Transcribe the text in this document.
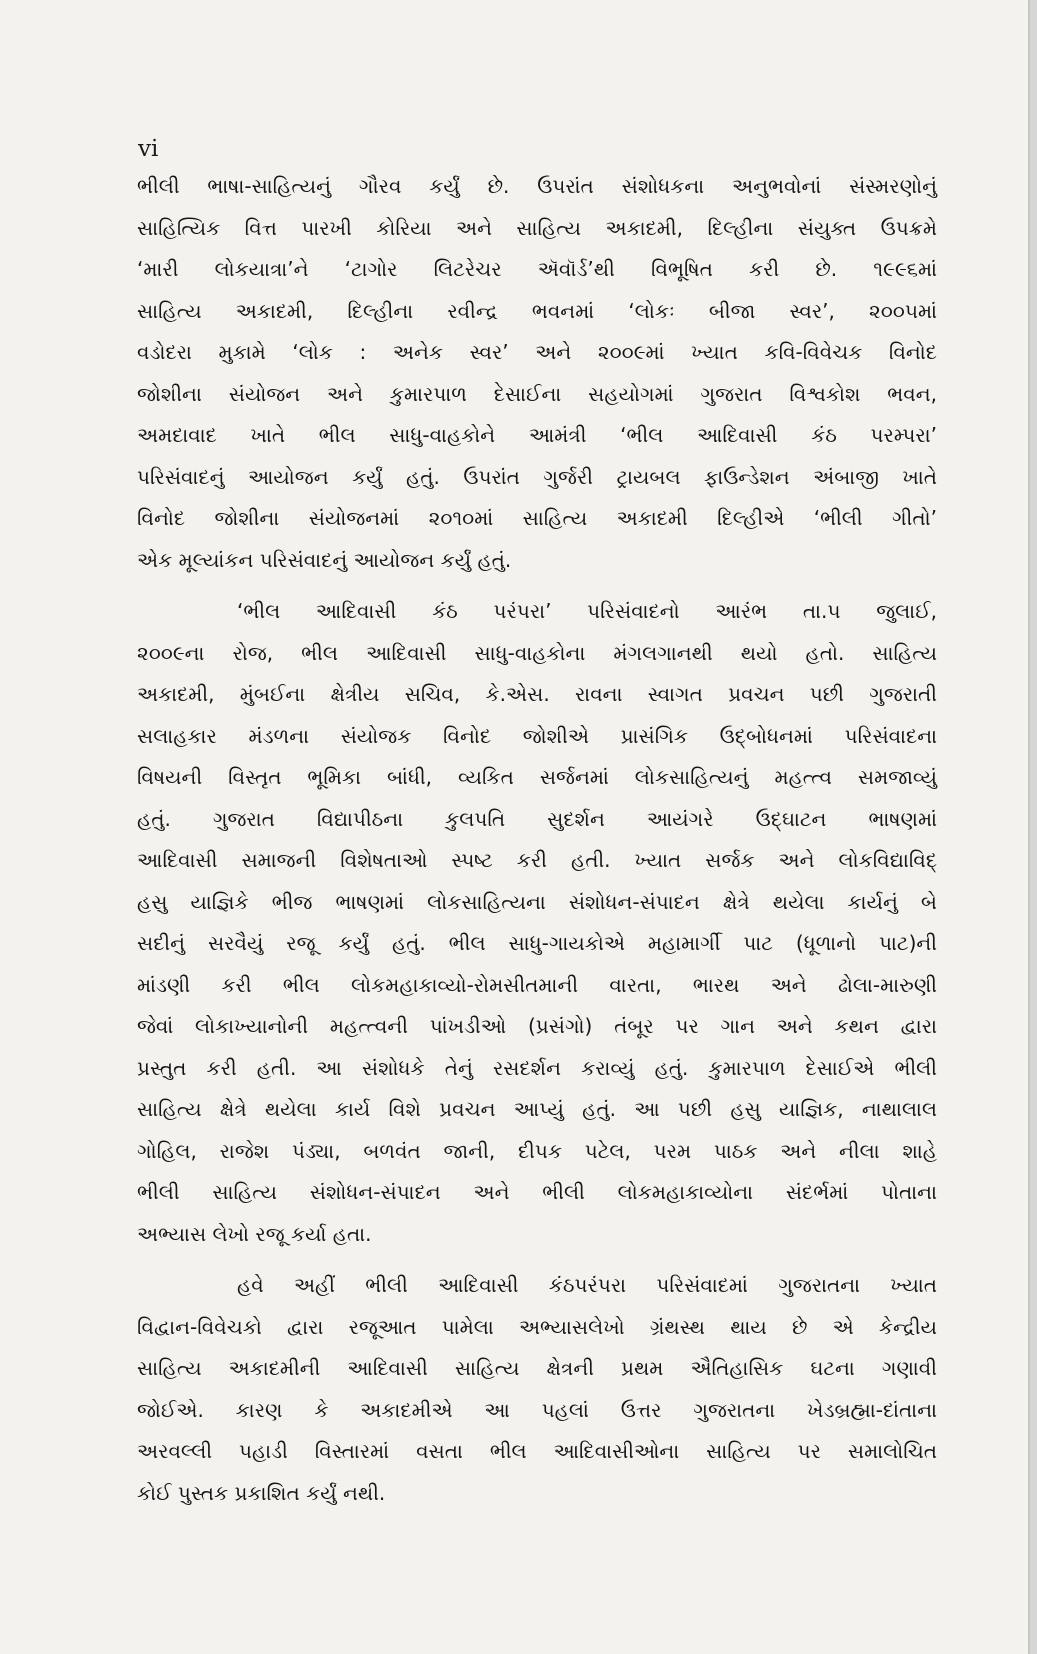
vi

ભીલી ભાષા-સાહિત્યનું ગૌરવ કર્યું છે. ઉપરાંત સંશોધકના અનુભવોનાં સંસ્મરણોનું
સાહિત્યિક વિત્ત પારખી કોરિયા અને સાહિત્ય અકાદમી, દિલ્હીના સંયુક્ત ઉપક્રમે
‘મારી લોકયાત્રા’ને ‘ટાગોર લિટરેચર ઍવૉર્ડ’થી વિભૂષિત કરી છે. ૧૯૯૬માં
સાહિત્ય અકાદમી, દિલ્હીના રવીન્દ્ર ભવનમાં ‘લોકઃ બીજા સ્વર’, ૨૦૦૫માં
વડોદરા મુકામે ‘લોક : અનેક સ્વર’ અને ૨૦૦૯માં ખ્યાત કવિ-વિવેચક વિનોદ
જોશીના સંયોજન અને કુમારપાળ દેસાઈના સહયોગમાં ગુજરાત વિશ્વકોશ ભવન,
અમદાવાદ ખાતે ભીલ સાધુ-વાહકોને આમંત્રી ‘ભીલ આદિવાસી કંઠ પરમ્પરા’
પરિસંવાદનું આયોજન કર્યું હતું. ઉપરાંત ગુર્જરી ટ્રાયબલ ફાઉન્ડેશન અંબાજી ખાતે
વિનોદ જોશીના સંયોજનમાં ૨૦૧૦માં સાહિત્ય અકાદમી દિલ્હીએ ‘ભીલી ગીતો’
એક મૂલ્યાંકન પરિસંવાદનું આયોજન કર્યું હતું.

‘ભીલ આદિવાસી કંઠ પરંપરા’ પરિસંવાદનો આરંભ તા.૫ જુલાઈ,
૨૦૦૯ના રોજ, ભીલ આદિવાસી સાધુ-વાહકોના મંગલગાનથી થયો હતો. સાહિત્ય
અકાદમી, મુંબઈના ક્ષેત્રીય સચિવ, કે.એસ. રાવના સ્વાગત પ્રવચન પછી ગુજરાતી
સલાહકાર મંડળના સંયોજક વિનોદ જોશીએ પ્રાસંગિક ઉદ્‌બોધનમાં પરિસંવાદના
વિષયની વિસ્તૃત ભૂમિકા બાંધી, વ્યકિત સર્જનમાં લોકસાહિત્યનું મહત્ત્વ સમજાવ્યું
હતું. ગુજરાત વિદ્યાપીઠના કુલપતિ સુદર્શન આયંગરે ઉદ્‌ઘાટન ભાષણમાં
આદિવાસી સમાજની વિશેષતાઓ સ્પષ્ટ કરી હતી. ખ્યાત સર્જક અને લોકવિદ્યાવિદ્
હસુ યાજ્ઞિકે ભીજ ભાષણમાં લોકસાહિત્યના સંશોધન-સંપાદન ક્ષેત્રે થયેલા કાર્યનું બે
સદીનું સરવૈયું રજૂ કર્યું હતું. ભીલ સાધુ-ગાયકોએ મહામાર્ગી પાટ (ધૂળાનો પાટ)ની
માંડણી કરી ભીલ લોકમહાકાવ્યો-રોમસીતમાની વારતા, ભારથ અને ઢોલા-મારુણી
જેવાં લોકાખ્યાનોની મહત્ત્વની પાંખડીઓ (પ્રસંગો) તંબૂર પર ગાન અને કથન દ્વારા
પ્રસ્તુત કરી હતી. આ સંશોધકે તેનું રસદર્શન કરાવ્યું હતું. કુમારપાળ દેસાઈએ ભીલી
સાહિત્ય ક્ષેત્રે થયેલા કાર્ય વિશે પ્રવચન આપ્યું હતું. આ પછી હસુ યાજ્ઞિક, નાથાલાલ
ગોહિલ, રાજેશ પંડ્યા, બળવંત જાની, દીપક પટેલ, પરમ પાઠક અને નીલા શાહે
ભીલી સાહિત્ય સંશોધન-સંપાદન અને ભીલી લોકમહાકાવ્યોના સંદર્ભમાં પોતાના
અભ્યાસ લેખો રજૂ કર્યા હતા.

હવે અહીં ભીલી આદિવાસી કંઠપરંપરા પરિસંવાદમાં ગુજરાતના ખ્યાત
વિદ્વાન-વિવેચકો દ્વારા રજૂઆત પામેલા અભ્યાસલેખો ગ્રંથસ્થ થાય છે એ કેન્દ્રીય
સાહિત્ય અકાદમીની આદિવાસી સાહિત્ય ક્ષેત્રની પ્રથમ ઐતિહાસિક ઘટના ગણાવી
જોઈએ. કારણ કે અકાદમીએ આ પહલાં ઉત્તર ગુજરાતના ખેડબ્રહ્મા-દાંતાના
અરવલ્લી પહાડી વિસ્તારમાં વસતા ભીલ આદિવાસીઓના સાહિત્ય પર સમાલોચિત
કોઈ પુસ્તક પ્રકાશિત કર્યું નથી.
